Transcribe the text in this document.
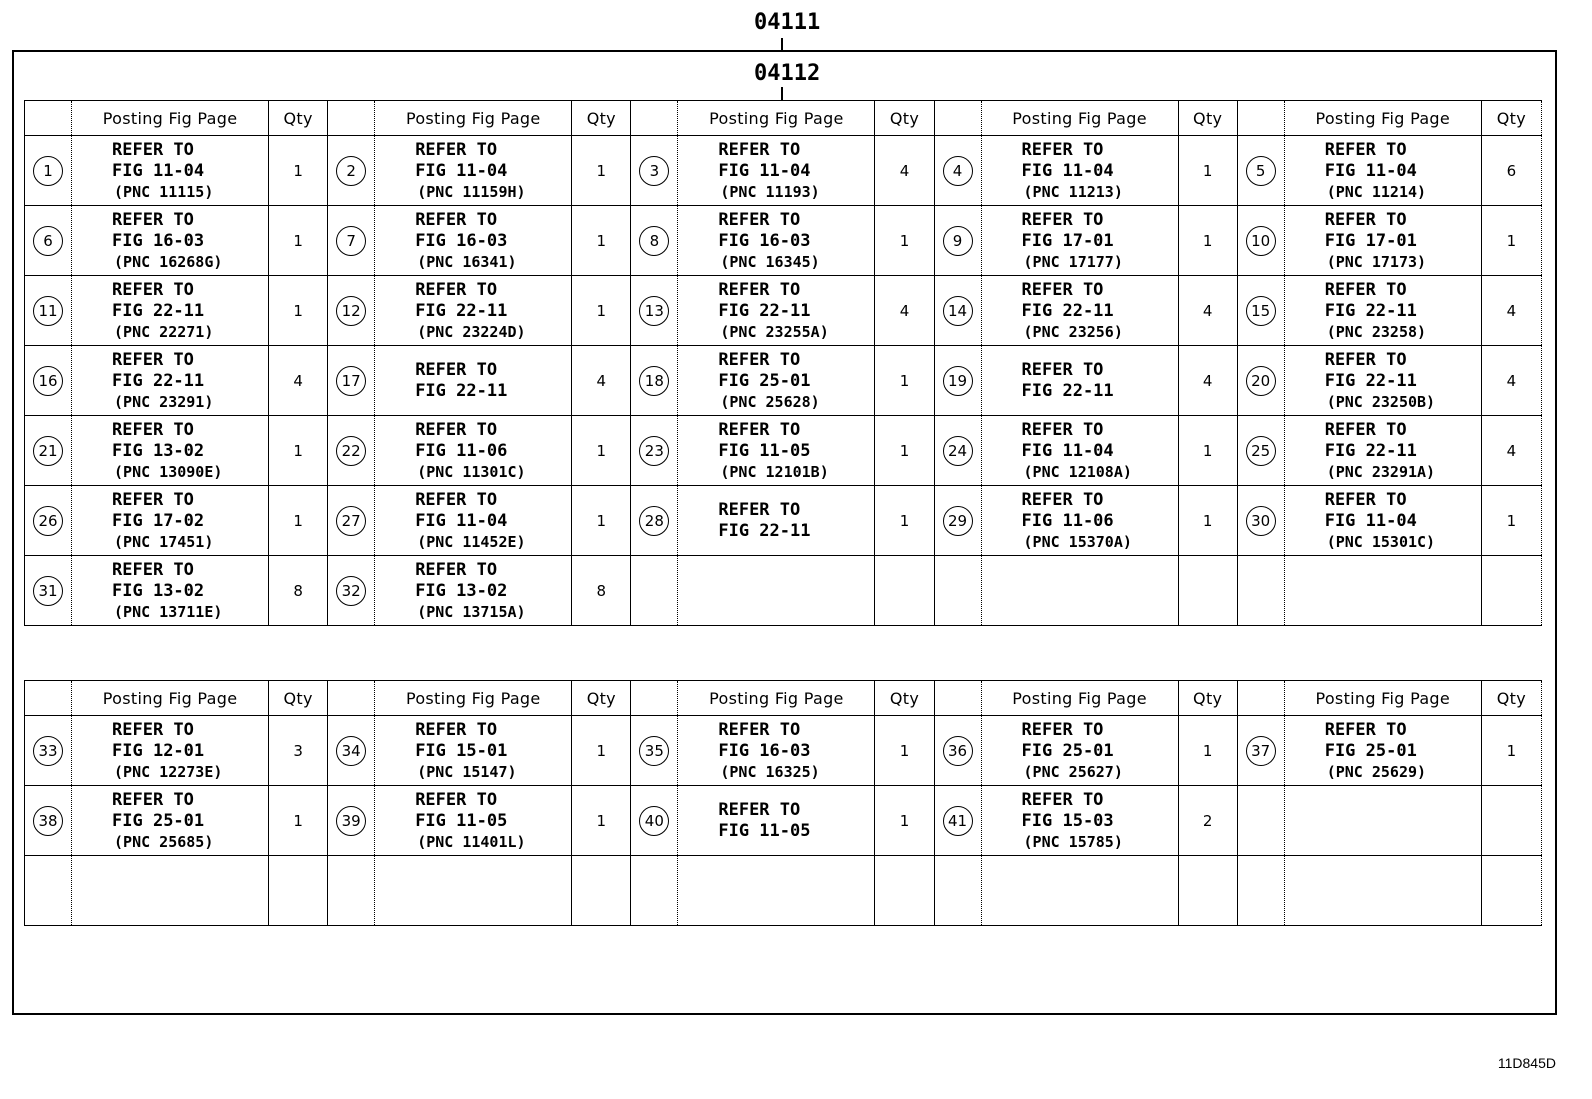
04111
04112
	Posting Fig Page	Qty		Posting Fig Page	Qty		Posting Fig Page	Qty		Posting Fig Page	Qty		Posting Fig Page	Qty
1	REFER TO
FIG 11-04
(PNC 11115)	1	2	REFER TO
FIG 11-04
(PNC 11159H)	1	3	REFER TO
FIG 11-04
(PNC 11193)	4	4	REFER TO
FIG 11-04
(PNC 11213)	1	5	REFER TO
FIG 11-04
(PNC 11214)	6
6	REFER TO
FIG 16-03
(PNC 16268G)	1	7	REFER TO
FIG 16-03
(PNC 16341)	1	8	REFER TO
FIG 16-03
(PNC 16345)	1	9	REFER TO
FIG 17-01
(PNC 17177)	1	10	REFER TO
FIG 17-01
(PNC 17173)	1
11	REFER TO
FIG 22-11
(PNC 22271)	1	12	REFER TO
FIG 22-11
(PNC 23224D)	1	13	REFER TO
FIG 22-11
(PNC 23255A)	4	14	REFER TO
FIG 22-11
(PNC 23256)	4	15	REFER TO
FIG 22-11
(PNC 23258)	4
16	REFER TO
FIG 22-11
(PNC 23291)	4	17	REFER TO
FIG 22-11	4	18	REFER TO
FIG 25-01
(PNC 25628)	1	19	REFER TO
FIG 22-11	4	20	REFER TO
FIG 22-11
(PNC 23250B)	4
21	REFER TO
FIG 13-02
(PNC 13090E)	1	22	REFER TO
FIG 11-06
(PNC 11301C)	1	23	REFER TO
FIG 11-05
(PNC 12101B)	1	24	REFER TO
FIG 11-04
(PNC 12108A)	1	25	REFER TO
FIG 22-11
(PNC 23291A)	4
26	REFER TO
FIG 17-02
(PNC 17451)	1	27	REFER TO
FIG 11-04
(PNC 11452E)	1	28	REFER TO
FIG 22-11	1	29	REFER TO
FIG 11-06
(PNC 15370A)	1	30	REFER TO
FIG 11-04
(PNC 15301C)	1
31	REFER TO
FIG 13-02
(PNC 13711E)	8	32	REFER TO
FIG 13-02
(PNC 13715A)	8									
	Posting Fig Page	Qty		Posting Fig Page	Qty		Posting Fig Page	Qty		Posting Fig Page	Qty		Posting Fig Page	Qty
33	REFER TO
FIG 12-01
(PNC 12273E)	3	34	REFER TO
FIG 15-01
(PNC 15147)	1	35	REFER TO
FIG 16-03
(PNC 16325)	1	36	REFER TO
FIG 25-01
(PNC 25627)	1	37	REFER TO
FIG 25-01
(PNC 25629)	1
38	REFER TO
FIG 25-01
(PNC 25685)	1	39	REFER TO
FIG 11-05
(PNC 11401L)	1	40	REFER TO
FIG 11-05	1	41	REFER TO
FIG 15-03
(PNC 15785)	2			

11D845D
